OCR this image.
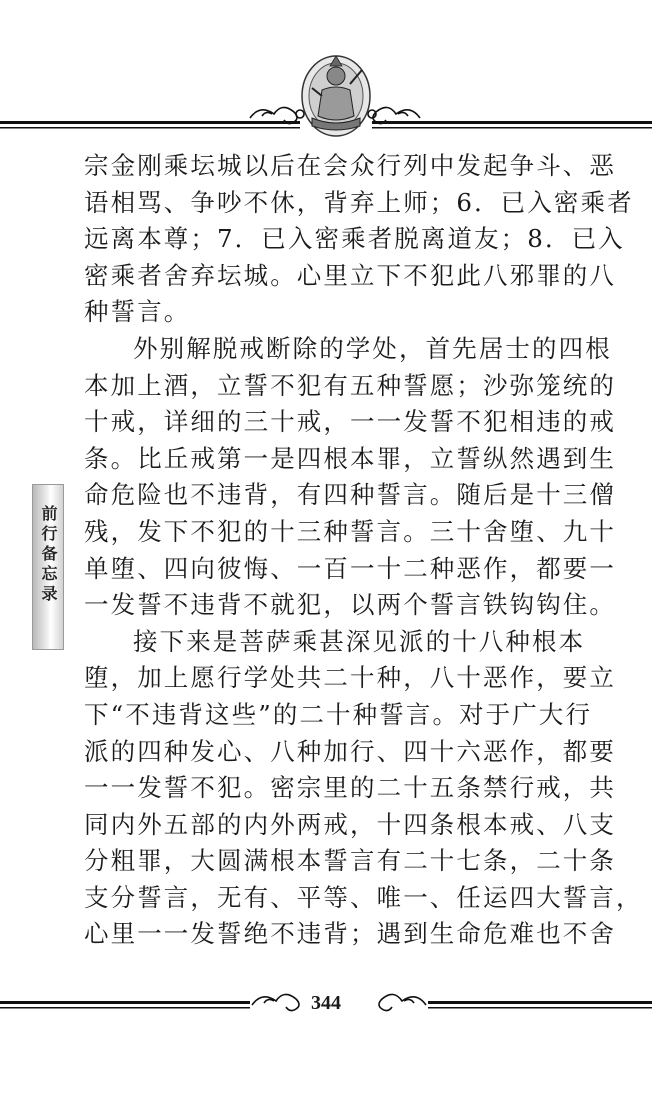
宗金刚乘坛城以后在会众行列中发起争斗、恶
语相骂、争吵不休，背弃上师；6．已入密乘者
远离本尊；7．已入密乘者脱离道友；8．已入
密乘者舍弃坛城。心里立下不犯此八邪罪的八
种誓言。
外别解脱戒断除的学处，首先居士的四根
本加上酒，立誓不犯有五种誓愿；沙弥笼统的
十戒，详细的三十戒，一一发誓不犯相违的戒
条。比丘戒第一是四根本罪，立誓纵然遇到生
命危险也不违背，有四种誓言。随后是十三僧
残，发下不犯的十三种誓言。三十舍堕、九十
单堕、四向彼悔、一百一十二种恶作，都要一
一发誓不违背不就犯，以两个誓言铁钩钩住。
接下来是菩萨乘甚深见派的十八种根本
堕，加上愿行学处共二十种，八十恶作，要立
下“不违背这些”的二十种誓言。对于广大行
派的四种发心、八种加行、四十六恶作，都要
一一发誓不犯。密宗里的二十五条禁行戒，共
同内外五部的内外两戒，十四条根本戒、八支
分粗罪，大圆满根本誓言有二十七条，二十条
支分誓言，无有、平等、唯一、任运四大誓言，
心里一一发誓绝不违背；遇到生命危难也不舍
前行备忘录
344
